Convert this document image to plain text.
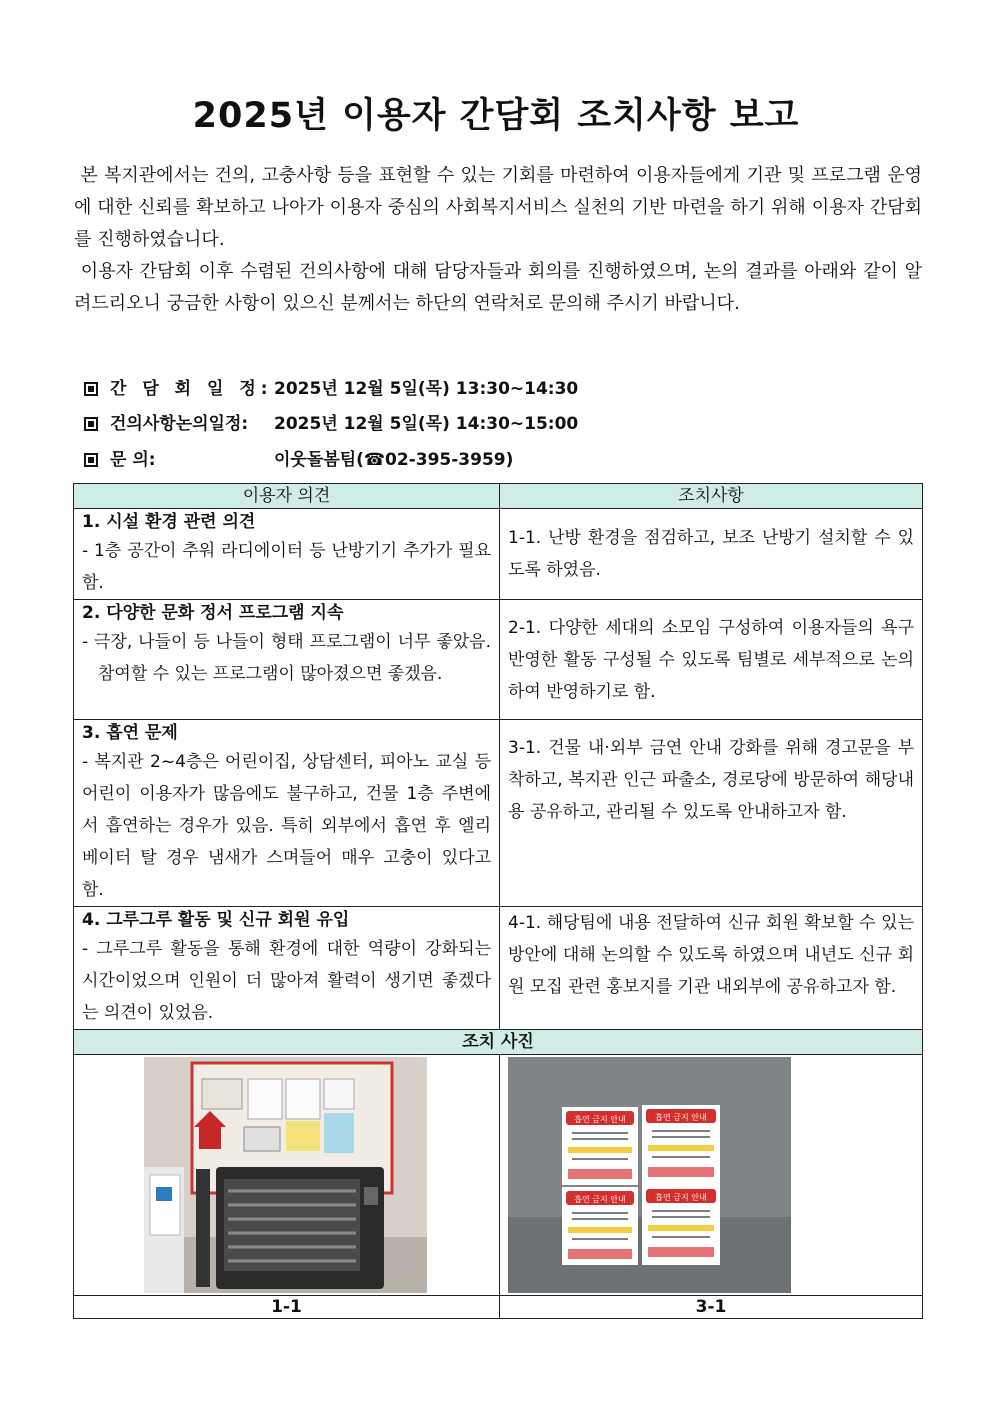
2025년 이용자 간담회 조치사항 보고
본 복지관에서는 건의, 고충사항 등을 표현할 수 있는 기회를 마련하여 이용자들에게 기관 및 프로그램 운영에 대한 신뢰를 확보하고 나아가 이용자 중심의 사회복지서비스 실천의 기반 마련을 하기 위해 이용자 간담회를 진행하였습니다.
이용자 간담회 이후 수렴된 건의사항에 대해 담당자들과 회의를 진행하였으며, 논의 결과를 아래와 같이 알려드리오니 궁금한 사항이 있으신 분께서는 하단의 연락처로 문의해 주시기 바랍니다.
간 담 회 일 정:2025년 12월 5일(목) 13:30~14:30
건의사항논의일정: 2025년 12월 5일(목) 14:30~15:00
문 의:	이웃돌봄팀(☎02-395-3959)
이용자 의견	조치사항

1. 시설 환경 관련 의견
- 1층 공간이 추워 라디에이터 등 난방기기 추가가 필요함.	1-1. 난방 환경을 점검하고, 보조 난방기 설치할 수 있도록 하였음.

2. 다양한 문화 정서 프로그램 지속
- 극장, 나들이 등 나들이 형태 프로그램이 너무 좋았음. 참여할 수 있는 프로그램이 많아졌으면 좋겠음.	2-1. 다양한 세대의 소모임 구성하여 이용자들의 욕구 반영한 활동 구성될 수 있도록 팀별로 세부적으로 논의하여 반영하기로 함.

3. 흡연 문제
- 복지관 2~4층은 어린이집, 상담센터, 피아노 교실 등 어린이 이용자가 많음에도 불구하고, 건물 1층 주변에서 흡연하는 경우가 있음. 특히 외부에서 흡연 후 엘리베이터 탈 경우 냄새가 스며들어 매우 고충이 있다고 함.	3-1. 건물 내·외부 금연 안내 강화를 위해 경고문을 부착하고, 복지관 인근 파출소, 경로당에 방문하여 해당내용 공유하고, 관리될 수 있도록 안내하고자 함.

4. 그루그루 활동 및 신규 회원 유입
- 그루그루 활동을 통해 환경에 대한 역량이 강화되는 시간이었으며 인원이 더 많아져 활력이 생기면 좋겠다는 의견이 있었음.	4-1. 해당팀에 내용 전달하여 신규 회원 확보할 수 있는 방안에 대해 논의할 수 있도록 하였으며 내년도 신규 회원 모집 관련 홍보지를 기관 내외부에 공유하고자 함.

조치 사진	

흡연 금지 안내 흡연 금지 안내
흡연 금지 안내 흡연 금지 안내

1-1	3-1
